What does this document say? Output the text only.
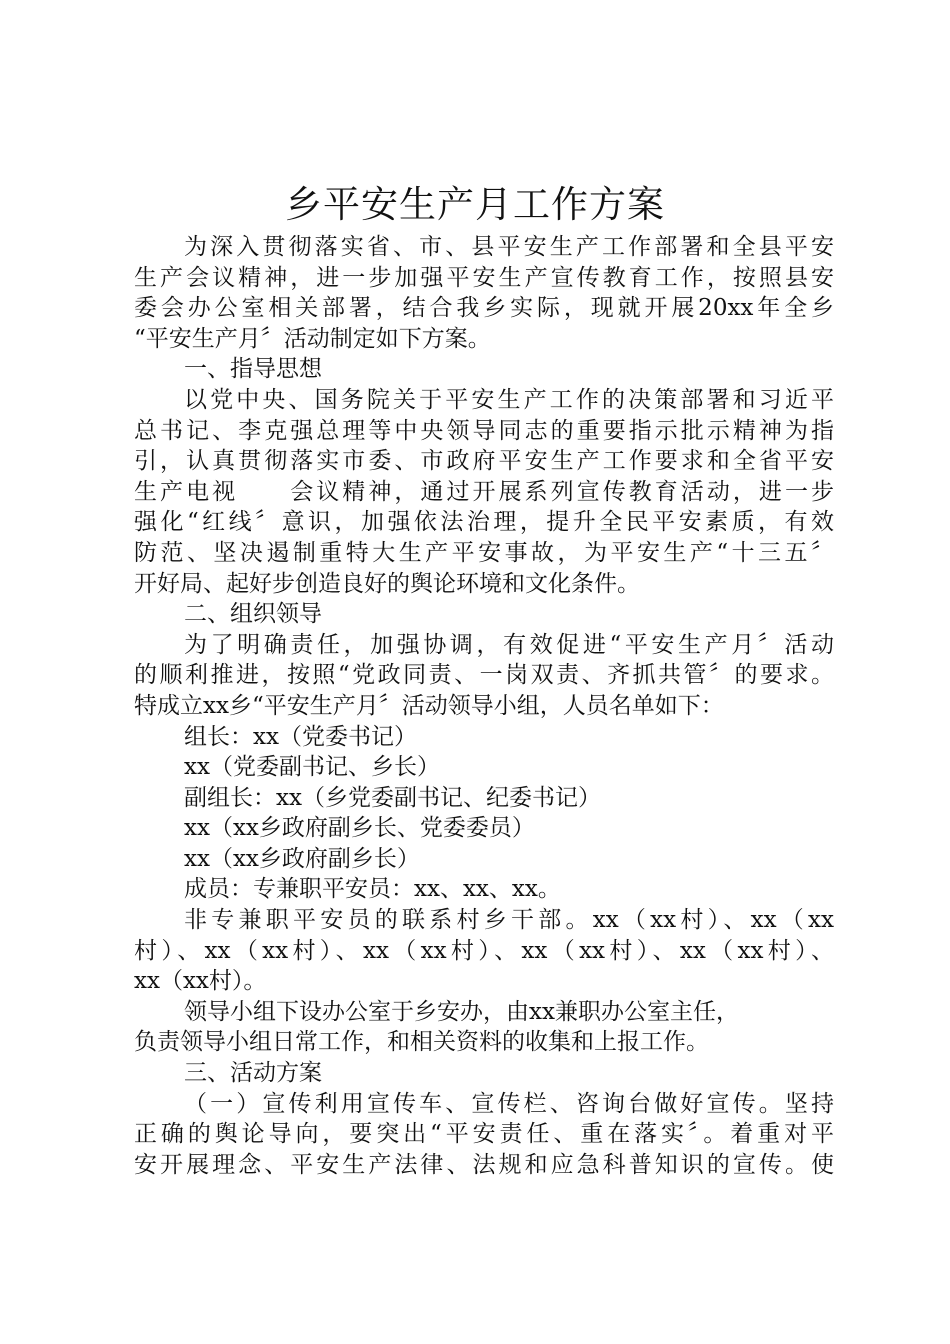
乡平安生产月工作方案
为深入贯彻落实省、市、县平安生产工作部署和全县平安
生产会议精神，进一步加强平安生产宣传教育工作，按照县安
委会办公室相关部署，结合我乡实际，现就开展20xx年全乡
“平安生产月〞活动制定如下方案。
一、指导思想
以党中央、国务院关于平安生产工作的决策部署和习近平
总书记、李克强总理等中央领导同志的重要指示批示精神为指
引，认真贯彻落实市委、市政府平安生产工作要求和全省平安
生产电视　　会议精神，通过开展系列宣传教育活动，进一步
强化“红线〞意识，加强依法治理，提升全民平安素质，有效
防范、坚决遏制重特大生产平安事故，为平安生产“十三五〞
开好局、起好步创造良好的舆论环境和文化条件。
二、组织领导
为了明确责任，加强协调，有效促进“平安生产月〞活动
的顺利推进，按照“党政同责、一岗双责、齐抓共管〞的要求。
特成立xx乡“平安生产月〞活动领导小组，人员名单如下：
组长：xx（党委书记）
xx（党委副书记、乡长）
副组长：xx（乡党委副书记、纪委书记）
xx（xx乡政府副乡长、党委委员）
xx（xx乡政府副乡长）
成员：专兼职平安员：xx、xx、xx。
非专兼职平安员的联系村乡干部。xx（xx村）、xx（xx
村）、xx（xx村）、xx（xx村）、xx（xx村）、xx（xx村）、
xx（xx村）。
领导小组下设办公室于乡安办，由xx兼职办公室主任，
负责领导小组日常工作，和相关资料的收集和上报工作。
三、活动方案
（一）宣传利用宣传车、宣传栏、咨询台做好宣传。坚持
正确的舆论导向，要突出“平安责任、重在落实〞。着重对平
安开展理念、平安生产法律、法规和应急科普知识的宣传。使
